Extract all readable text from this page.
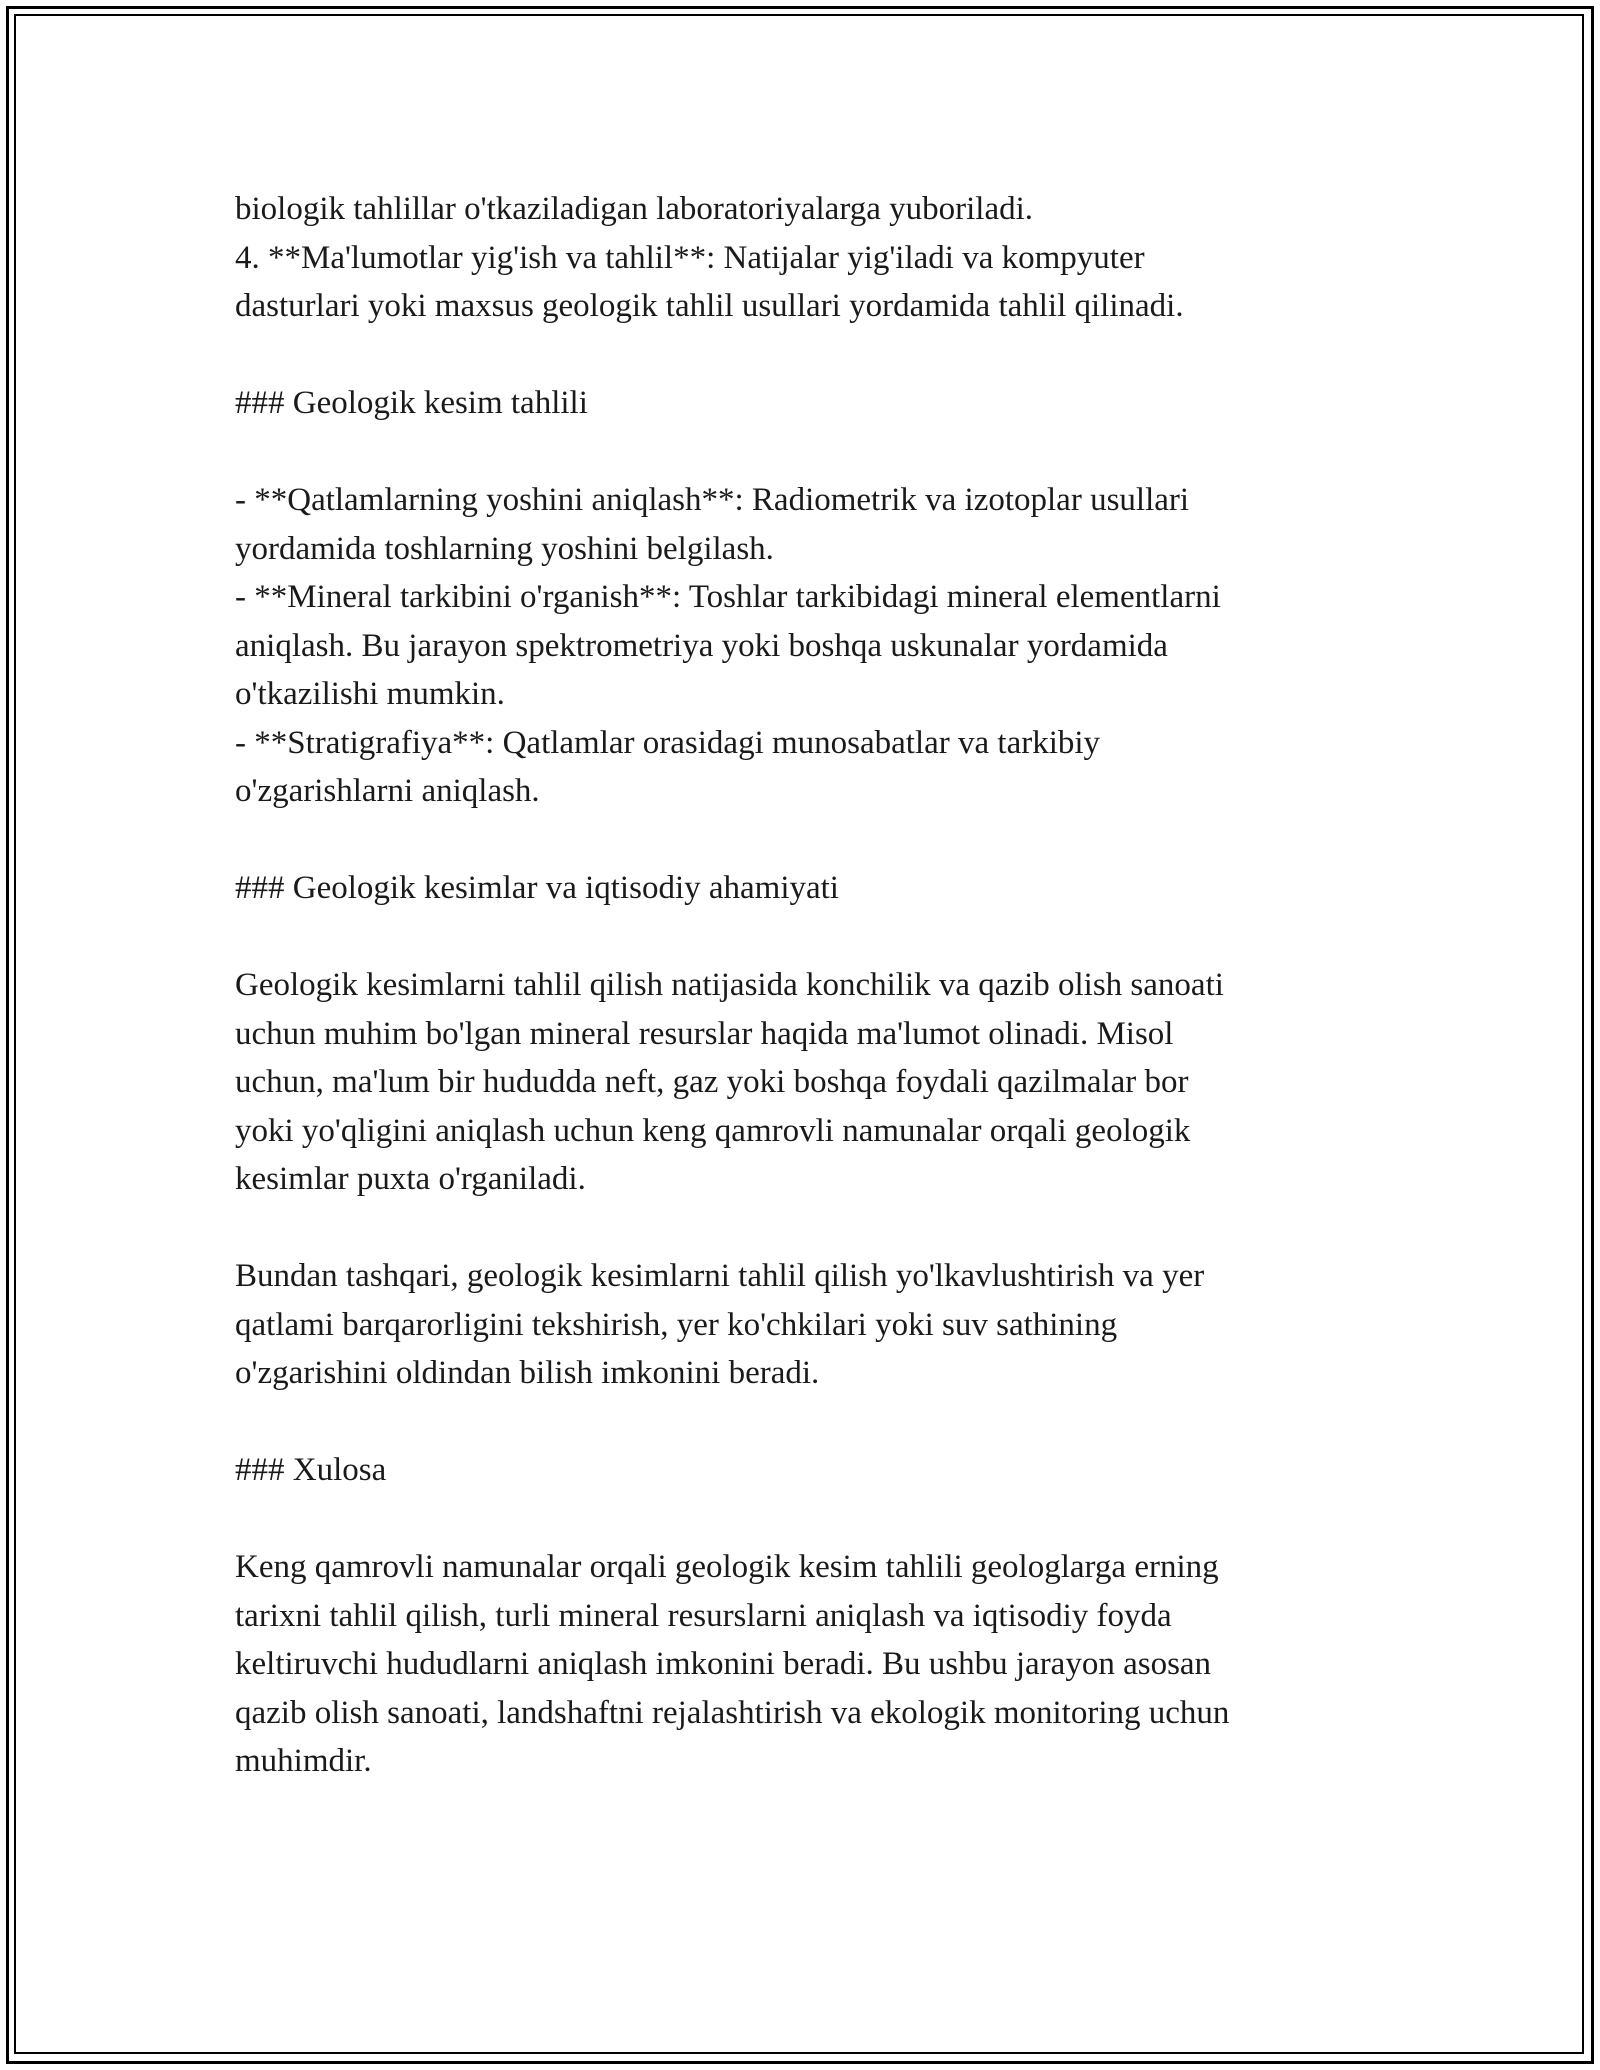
biologik tahlillar o'tkaziladigan laboratoriyalarga yuboriladi.
4. **Ma'lumotlar yig'ish va tahlil**: Natijalar yig'iladi va kompyuter
dasturlari yoki maxsus geologik tahlil usullari yordamida tahlil qilinadi.
### Geologik kesim tahlili
- **Qatlamlarning yoshini aniqlash**: Radiometrik va izotoplar usullari
yordamida toshlarning yoshini belgilash.
- **Mineral tarkibini o'rganish**: Toshlar tarkibidagi mineral elementlarni
aniqlash. Bu jarayon spektrometriya yoki boshqa uskunalar yordamida
o'tkazilishi mumkin.
- **Stratigrafiya**: Qatlamlar orasidagi munosabatlar va tarkibiy
o'zgarishlarni aniqlash.
### Geologik kesimlar va iqtisodiy ahamiyati
Geologik kesimlarni tahlil qilish natijasida konchilik va qazib olish sanoati
uchun muhim bo'lgan mineral resurslar haqida ma'lumot olinadi. Misol
uchun, ma'lum bir hududda neft, gaz yoki boshqa foydali qazilmalar bor
yoki yo'qligini aniqlash uchun keng qamrovli namunalar orqali geologik
kesimlar puxta o'rganiladi.
Bundan tashqari, geologik kesimlarni tahlil qilish yo'lkavlushtirish va yer
qatlami barqarorligini tekshirish, yer ko'chkilari yoki suv sathining
o'zgarishini oldindan bilish imkonini beradi.
### Xulosa
Keng qamrovli namunalar orqali geologik kesim tahlili geologlarga erning
tarixni tahlil qilish, turli mineral resurslarni aniqlash va iqtisodiy foyda
keltiruvchi hududlarni aniqlash imkonini beradi. Bu ushbu jarayon asosan
qazib olish sanoati, landshaftni rejalashtirish va ekologik monitoring uchun
muhimdir.
